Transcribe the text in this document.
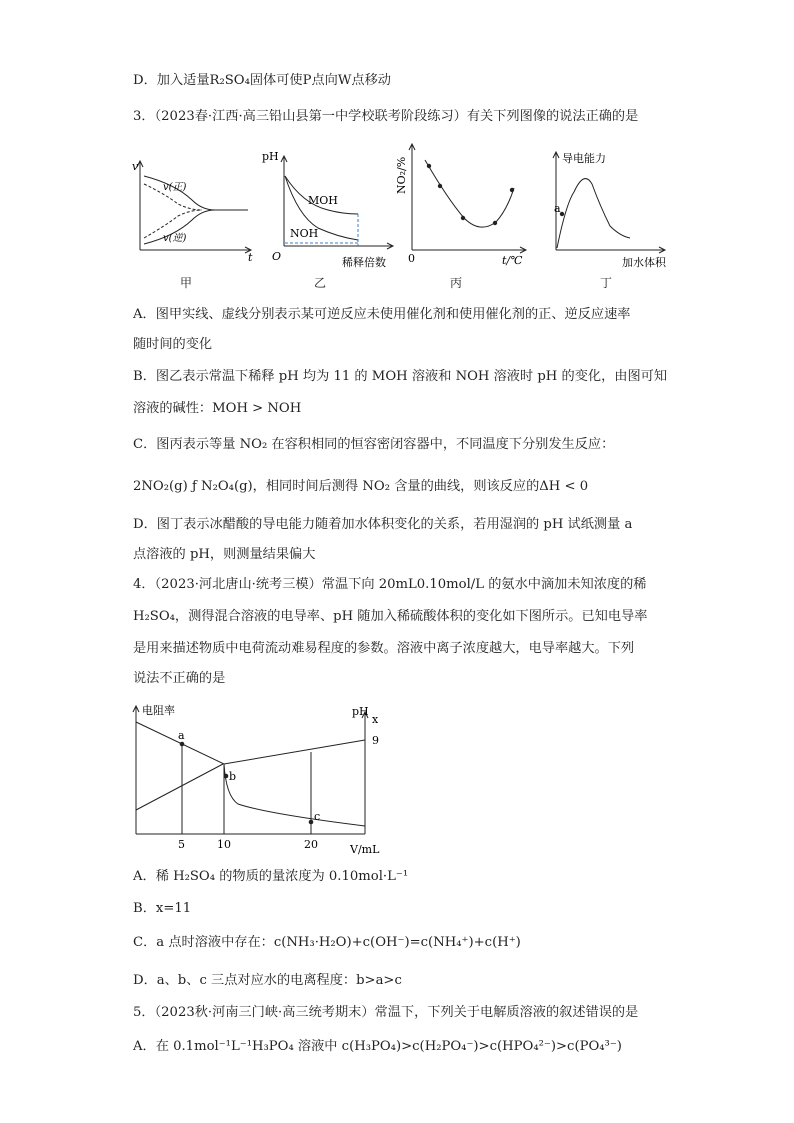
D．加入适量R₂SO₄固体可使P点向W点移动
3．（2023春·江西·高三铅山县第一中学校联考阶段练习）有关下列图像的说法正确的是
v
v(正)
v(逆)
t
甲
pH
MOH
NOH
O	稀释倍数
乙
NO₂/%
0	t/℃
丙
导电能力
a
加水体积
丁
A．图甲实线、虚线分别表示某可逆反应未使用催化剂和使用催化剂的正、逆反应速率
随时间的变化
B．图乙表示常温下稀释 pH 均为 11 的 MOH 溶液和 NOH 溶液时 pH 的变化，由图可知
溶液的碱性：MOH > NOH
C．图丙表示等量 NO₂ 在容积相同的恒容密闭容器中，不同温度下分别发生反应：
2NO₂(g) ƒ N₂O₄(g)，相同时间后测得 NO₂ 含量的曲线，则该反应的ΔH < 0
D．图丁表示冰醋酸的导电能力随着加水体积变化的关系，若用湿润的 pH 试纸测量 a
点溶液的 pH，则测量结果偏大
4．（2023·河北唐山·统考三模）常温下向 20mL0.10mol/L 的氨水中滴加未知浓度的稀
H₂SO₄，测得混合溶液的电导率、pH 随加入稀硫酸体积的变化如下图所示。已知电导率
是用来描述物质中电荷流动难易程度的参数。溶液中离子浓度越大，电导率越大。下列
说法不正确的是
电阻率	pH
x
9
a
b
c
5	10	20	V/mL
A．稀 H₂SO₄ 的物质的量浓度为 0.10mol·L⁻¹
B．x=11
C．a 点时溶液中存在：c(NH₃·H₂O)+c(OH⁻)=c(NH₄⁺)+c(H⁺)
D．a、b、c 三点对应水的电离程度：b>a>c
5．（2023秋·河南三门峡·高三统考期末）常温下，下列关于电解质溶液的叙述错误的是
A．在 0.1mol⁻¹L⁻¹H₃PO₄ 溶液中 c(H₃PO₄)>c(H₂PO₄⁻)>c(HPO₄²⁻)>c(PO₄³⁻)
